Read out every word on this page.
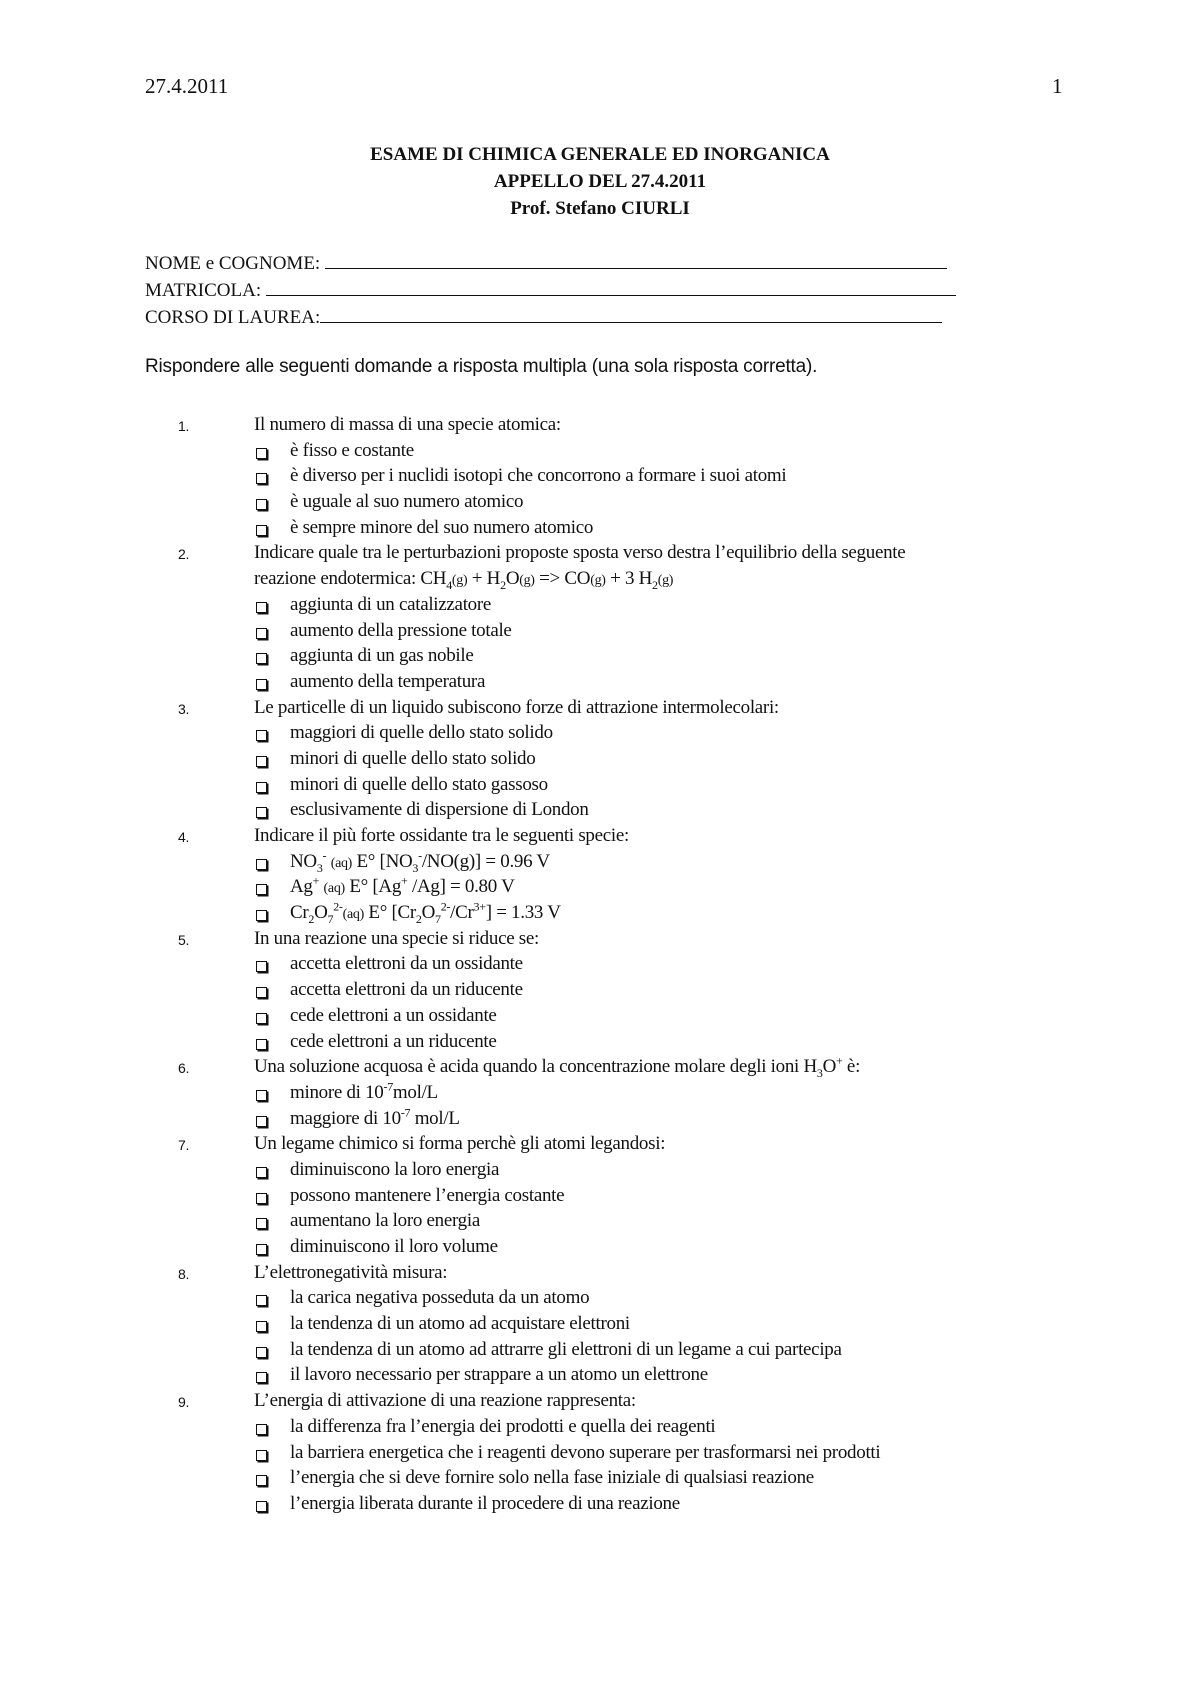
27.4.2011	1
ESAME DI CHIMICA GENERALE ED INORGANICA
APPELLO DEL 27.4.2011
Prof. Stefano CIURLI
NOME e COGNOME:
MATRICOLA:
CORSO DI LAUREA:
Rispondere alle seguenti domande a risposta multipla (una sola risposta corretta).
1.	Il numero di massa di una specie atomica:
è fisso e costante
è diverso per i nuclidi isotopi che concorrono a formare i suoi atomi
è uguale al suo numero atomico
è sempre minore del suo numero atomico
2.	Indicare quale tra le perturbazioni proposte sposta verso destra l’equilibrio della seguente
reazione endotermica: $CH_4(g) + H_2O(g) => CO(g) + 3$ $H_2(g)$
aggiunta di un catalizzatore
aumento della pressione totale
aggiunta di un gas nobile
aumento della temperatura
3.	Le particelle di un liquido subiscono forze di attrazione intermolecolari:
maggiori di quelle dello stato solido
minori di quelle dello stato solido
minori di quelle dello stato gassoso
esclusivamente di dispersione di London
4.	Indicare il più forte ossidante tra le seguenti specie:
$NO_3^-$ (aq) E° $[NO_3^-/NO(g)] = 0.96$ V
Ag+ (aq) E° [Ag+ /Ag] = 0.80 V
$Cr_2O_7^{2-}(aq)$ E° $[Cr_2O_7^{2-}/Cr^{3+}] = 1.33$ V
5.	In una reazione una specie si riduce se:
accetta elettroni da un ossidante
accetta elettroni da un riducente
cede elettroni a un ossidante
cede elettroni a un riducente
6.	Una soluzione acquosa è acida quando la concentrazione molare degli ioni $H_3O^+$ è:
minore di $10^{-7}mol/L$
maggiore di $10^{-7}$ mol/L
7.	Un legame chimico si forma perchè gli atomi legandosi:
diminuiscono la loro energia
possono mantenere l’energia costante
aumentano la loro energia
diminuiscono il loro volume
8.	L’elettronegatività misura:
la carica negativa posseduta da un atomo
la tendenza di un atomo ad acquistare elettroni
la tendenza di un atomo ad attrarre gli elettroni di un legame a cui partecipa
il lavoro necessario per strappare a un atomo un elettrone
9.	L’energia di attivazione di una reazione rappresenta:
la differenza fra l’energia dei prodotti e quella dei reagenti
la barriera energetica che i reagenti devono superare per trasformarsi nei prodotti
l’energia che si deve fornire solo nella fase iniziale di qualsiasi reazione
l’energia liberata durante il procedere di una reazione
